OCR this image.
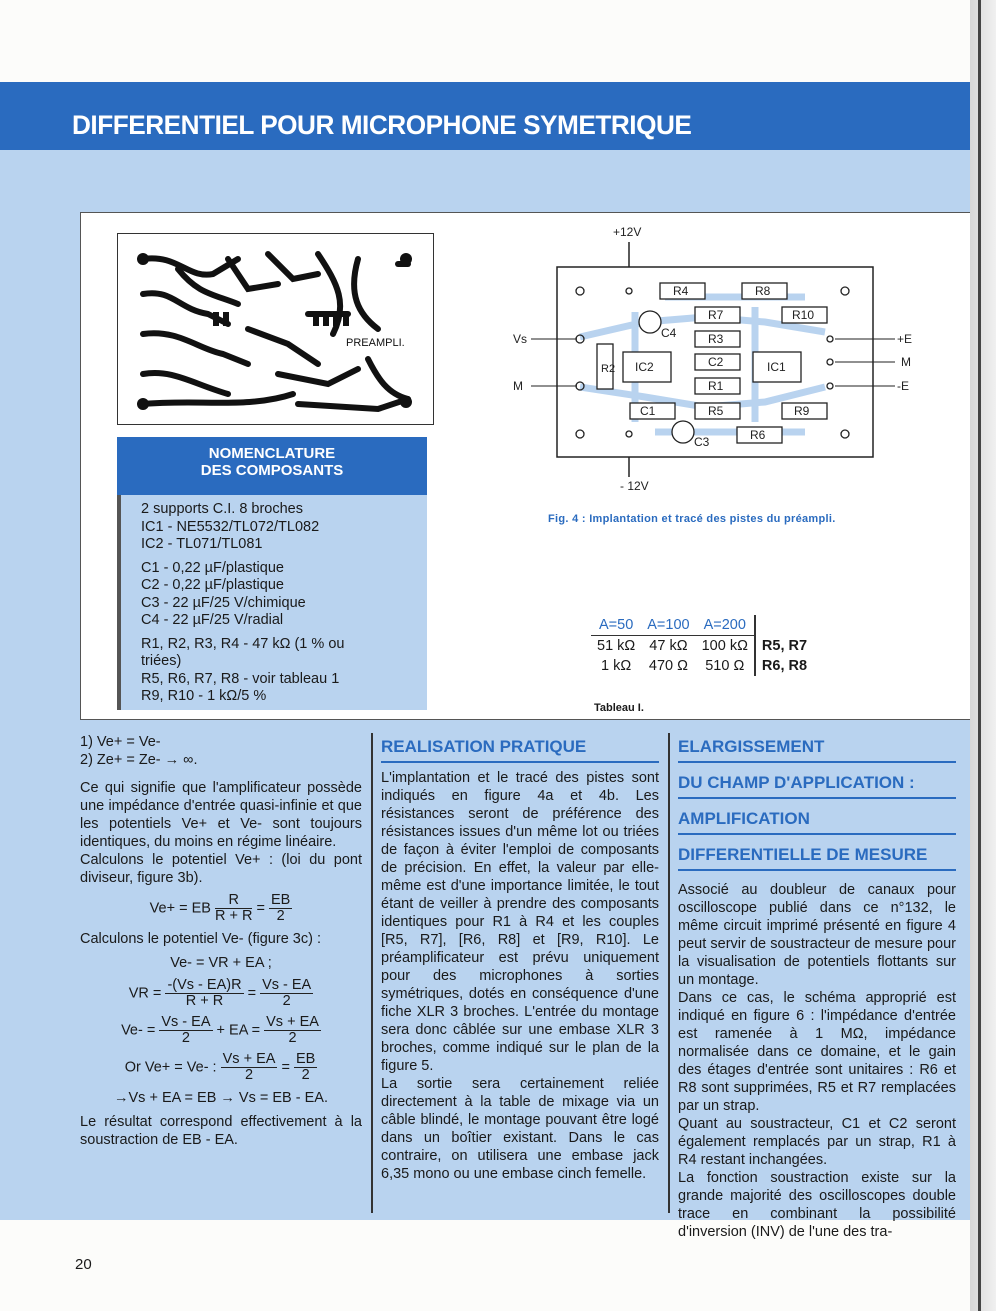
DIFFERENTIEL POUR MICROPHONE SYMETRIQUE
PREAMPLI.
NOMENCLATURE
DES COMPOSANTS
2 supports C.I. 8 broches
IC1 - NE5532/TL072/TL082
IC2 - TL071/TL081
C1 - 0,22 µF/plastique
C2 - 0,22 µF/plastique
C3 - 22 µF/25 V/chimique
C4 - 22 µF/25 V/radial
R1, R2, R3, R4 - 47 kΩ (1 % ou
triées)
R5, R6, R7, R8 - voir tableau 1
R9, R10 - 1 kΩ/5 %
+12V
- 12V
Vs
M
+E
M
-E
R4	R8
R7	R10
C4	R3
C2
R2 IC2	IC1
R1
C1	R5	R9
R6
C3
Fig. 4 : Implantation et tracé des pistes du préampli.
A=50	A=100	A=200	
51 kΩ	47 kΩ	100 kΩ	R5, R7
1 kΩ	470 Ω	510 Ω	R6, R8
Tableau I.
1) Ve+ = Ve-
2) Ze+ = Ze- → ∞.

Ce qui signifie que l'amplificateur possède une impédance d'entrée quasi-infinie et que les potentiels Ve+ et Ve- sont toujours identiques, du moins en régime linéaire.

Calculons le potentiel Ve+ : (loi du pont diviseur, figure 3b).

Ve+ = EB $\frac{R}{R + R} = \frac{EB}{2}$

Calculons le potentiel Ve- (figure 3c) :

Ve- = VR + EA ;
VR = $\frac{-(Vs - EA)R}{R + R} = \frac{Vs - EA}{2}$
$Ve- = \frac{Vs - EA}{2}$ + EA = $\frac{Vs + EA}{2}$
Or Ve+ = Ve- : $\frac{Vs + EA}{2} = \frac{EB}{2}$
→Vs + EA = EB → Vs = EB - EA.

Le résultat correspond effectivement à la soustraction de EB - EA.

REALISATION PRATIQUE

L'implantation et le tracé des pistes sont indiqués en figure 4a et 4b. Les résistances seront de préférence des résistances issues d'un même lot ou triées de façon à éviter l'emploi de composants de précision. En effet, la valeur par elle-même est d'une importance limitée, le tout étant de veiller à prendre des composants identiques pour R1 à R4 et les couples [R5, R7], [R6, R8] et [R9, R10]. Le préamplificateur est prévu uniquement pour des microphones à sorties symétriques, dotés en conséquence d'une fiche XLR 3 broches. L'entrée du montage sera donc câblée sur une embase XLR 3 broches, comme indiqué sur le plan de la figure 5.

La sortie sera certainement reliée directement à la table de mixage via un câble blindé, le montage pouvant être logé dans un boîtier existant. Dans le cas contraire, on utilisera une embase jack 6,35 mono ou une embase cinch femelle.

ELARGISSEMENT
DU CHAMP D'APPLICATION :
AMPLIFICATION
DIFFERENTIELLE DE MESURE

Associé au doubleur de canaux pour oscilloscope publié dans ce n°132, le même circuit imprimé présenté en figure 4 peut servir de soustracteur de mesure pour la visualisation de potentiels flottants sur un montage.

Dans ce cas, le schéma approprié est indiqué en figure 6 : l'impédance d'entrée est ramenée à 1 MΩ, impédance normalisée dans ce domaine, et le gain des étages d'entrée sont unitaires : R6 et R8 sont supprimées, R5 et R7 remplacées par un strap.

Quant au soustracteur, C1 et C2 seront également remplacés par un strap, R1 à R4 restant inchangées.

La fonction soustraction existe sur la grande majorité des oscilloscopes double trace en combinant la possibilité d'inversion (INV) de l'une des tra-

20
